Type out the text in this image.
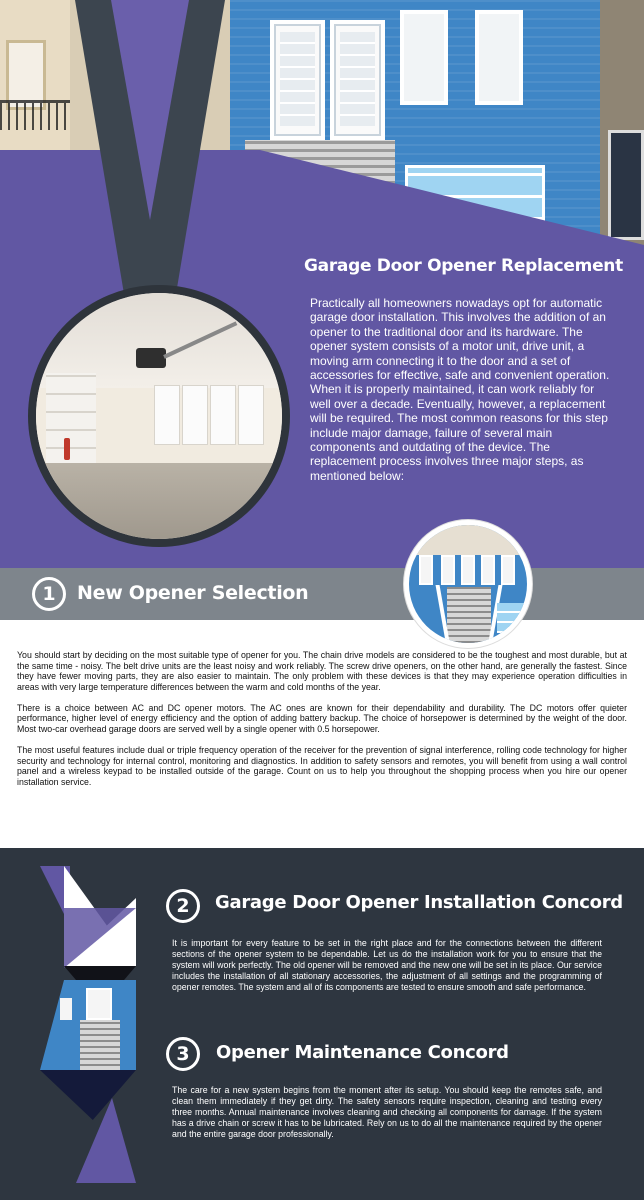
Garage Door Opener Replacement
Practically all homeowners nowadays opt for automatic garage door installation. This involves the addition of an opener to the traditional door and its hardware. The opener system consists of a motor unit, drive unit, a moving arm connecting it to the door and a set of accessories for effective, safe and convenient operation. When it is properly maintained, it can work reliably for well over a decade. Eventually, however, a replacement will be required. The most common reasons for this step include major damage, failure of several main components and outdating of the device. The replacement process involves three major steps, as mentioned below:
1	New Opener Selection

You should start by deciding on the most suitable type of opener for you. The chain drive models are considered to be the toughest and most durable, but at the same time - noisy. The belt drive units are the least noisy and work reliably. The screw drive openers, on the other hand, are generally the fastest. Since they have fewer moving parts, they are also easier to maintain. The only problem with these devices is that they may experience operation difficulties in areas with very large temperature differences between the warm and cold months of the year.

There is a choice between AC and DC opener motors. The AC ones are known for their dependability and durability. The DC motors offer quieter performance, higher level of energy efficiency and the option of adding battery backup. The choice of horsepower is determined by the weight of the door. Most two-car overhead garage doors are served well by a single opener with 0.5 horsepower.

The most useful features include dual or triple frequency operation of the receiver for the prevention of signal interference, rolling code technology for higher security and technology for internal control, monitoring and diagnostics. In addition to safety sensors and remotes, you will benefit from using a wall control panel and a wireless keypad to be installed outside of the garage. Count on us to help you throughout the shopping process when you hire our opener installation service.

2	Garage Door Opener Installation Concord
It is important for every feature to be set in the right place and for the connections between the different sections of the opener system to be dependable. Let us do the installation work for you to ensure that the system will work perfectly. The old opener will be removed and the new one will be set in its place. Our service includes the installation of all stationary accessories, the adjustment of all settings and the programming of opener remotes. The system and all of its components are tested to ensure smooth and safe performance.
3	Opener Maintenance Concord
The care for a new system begins from the moment after its setup. You should keep the remotes safe, and clean them immediately if they get dirty. The safety sensors require inspection, cleaning and testing every three months. Annual maintenance involves cleaning and checking all components for damage. If the system has a drive chain or screw it has to be lubricated. Rely on us to do all the maintenance required by the opener and the entire garage door professionally.
